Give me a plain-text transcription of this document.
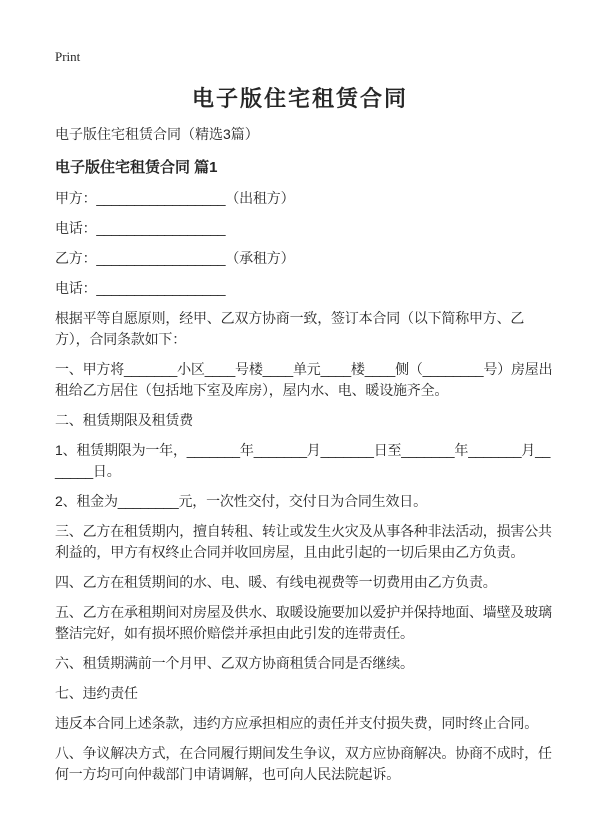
Print
电子版住宅租赁合同

电子版住宅租赁合同（精选3篇）

电子版住宅租赁合同 篇1

甲方：_________________（出租方）

电话：_________________

乙方：_________________（承租方）

电话：_________________

根据平等自愿原则，经甲、乙双方协商一致，签订本合同（以下简称甲方、乙方），合同条款如下：

一、甲方将_______小区____号楼____单元____楼____侧（________号）房屋出租给乙方居住（包括地下室及库房），屋内水、电、暖设施齐全。

二、租赁期限及租赁费

1、租赁期限为一年，_______年_______月_______日至_______年_______月_______日。

2、租金为________元，一次性交付，交付日为合同生效日。

三、乙方在租赁期内，擅自转租、转让或发生火灾及从事各种非法活动，损害公共利益的，甲方有权终止合同并收回房屋，且由此引起的一切后果由乙方负责。

四、乙方在租赁期间的水、电、暖、有线电视费等一切费用由乙方负责。

五、乙方在承租期间对房屋及供水、取暖设施要加以爱护并保持地面、墙壁及玻璃整洁完好，如有损坏照价赔偿并承担由此引发的连带责任。

六、租赁期满前一个月甲、乙双方协商租赁合同是否继续。

七、违约责任

违反本合同上述条款，违约方应承担相应的责任并支付损失费，同时终止合同。

八、争议解决方式，在合同履行期间发生争议，双方应协商解决。协商不成时，任何一方均可向仲裁部门申请调解，也可向人民法院起诉。
